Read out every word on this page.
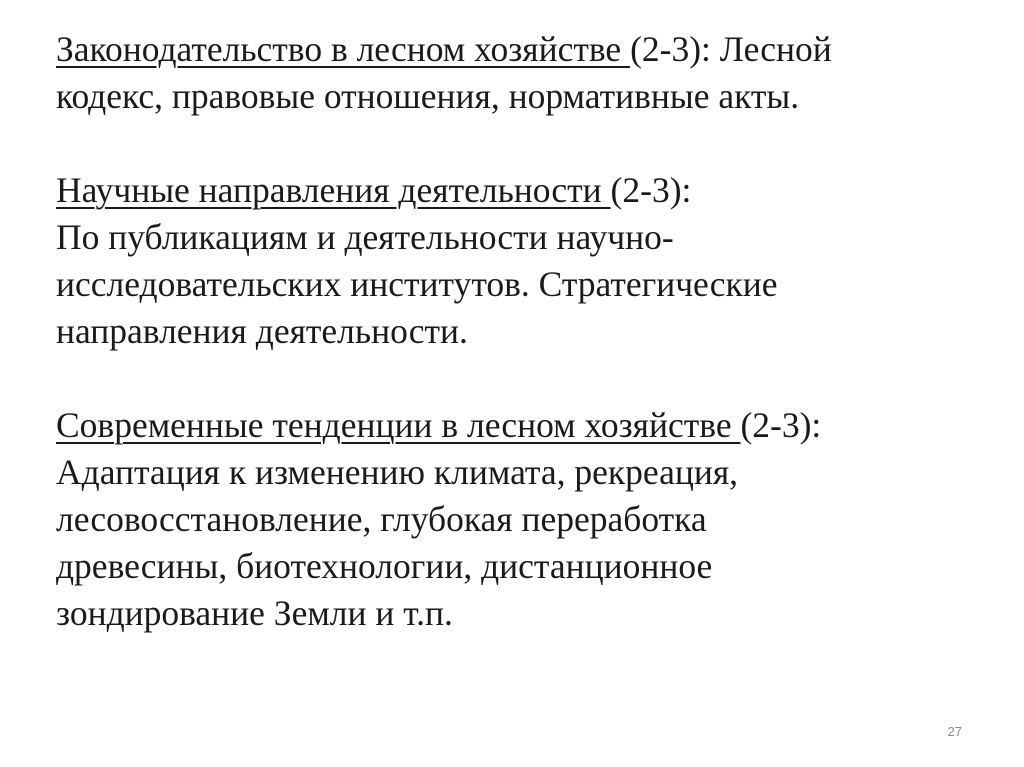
Законодательство в лесном хозяйстве (2-3): Лесной
кодекс, правовые отношения, нормативные акты.
Научные направления деятельности (2-3):
По публикациям и деятельности научно-
исследовательских институтов. Стратегические
направления деятельности.
Современные тенденции в лесном хозяйстве (2-3):
Адаптация к изменению климата, рекреация,
лесовосстановление, глубокая переработка
древесины, биотехнологии, дистанционное
зондирование Земли и т.п.
27
